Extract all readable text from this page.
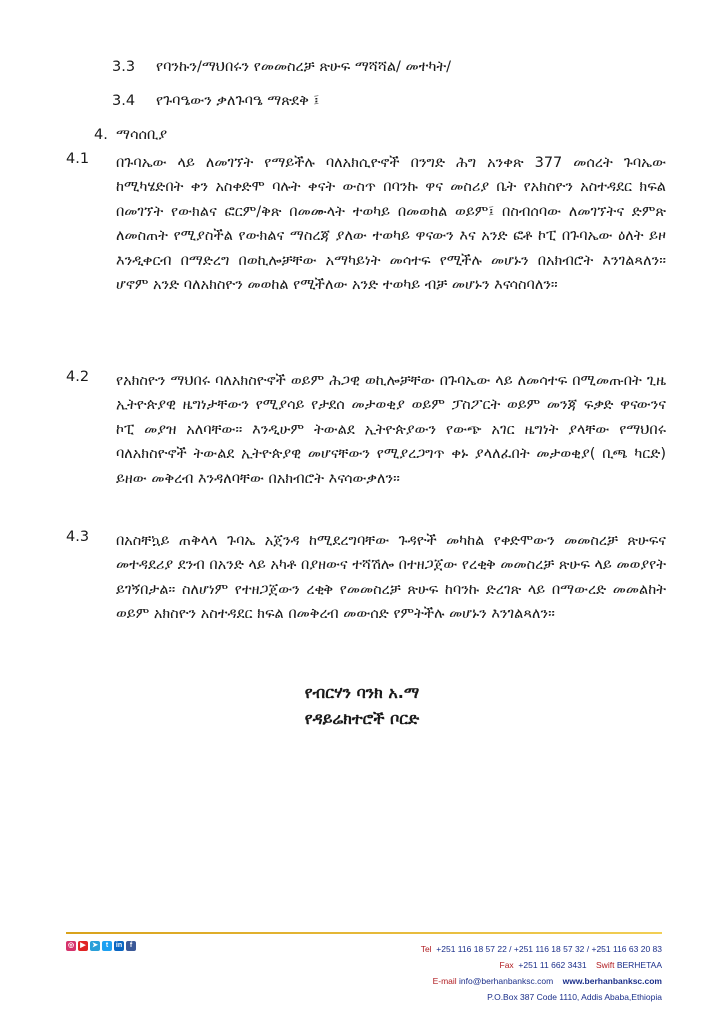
3.3 የባንኩን/ማህበሩን የመመስረቻ ጽሁፍ ማሻሻል/ መተካት/
3.4 የጉባዔውን ቃለጉባዔ ማጽደቅ ፤
4. ማሳሰቢያ
4.1 በጉባኤው ላይ ለመገኘት የማይችሉ ባለአክሲዮኖች በንግድ ሕግ አንቀጽ 377 መሰረት ጉባኤው ከሚካሄድበት ቀን አስቀድሞ ባሉት ቀናት ውስጥ በባንኩ ዋና መስሪያ ቤት የአክስዮን አስተዳደር ክፍል በመገኘት የውክልና ፎርም/ቅጽ በመሙላት ተወካይ በመወከል ወይም፤ በስብሰባው ለመገኘትና ድምጽ ለመስጠት የሚያስችል የውክልና ማስረጃ ያለው ተወካይ ዋናውን እና አንድ ፎቶ ኮፒ በጉባኤው ዕለት ይዞ እንዲቀርብ በማድረግ በወኪሎቻቸው አማካይነት መሳተፍ የሚችሉ መሆኑን በአክብሮት እንገልጻለን። ሆኖም አንድ ባለአክስዮን መወከል የሚችለው አንድ ተወካይ ብቻ መሆኑን እናሳስባለን።
4.2 የአክስዮን ማህበሩ ባለአክስዮኖች ወይም ሕጋዊ ወኪሎቻቸው በጉባኤው ላይ ለመሳተፍ በሚመጡበት ጊዜ ኢትዮጵያዊ ዜግነታቸውን የሚያሳይ የታደሰ መታወቂያ ወይም ፓስፖርት ወይም መንጃ ፍቃድ ዋናውንና ኮፒ መያዝ አለባቸው። እንዲሁም ትውልደ ኢትዮጵያውን የውጭ አገር ዜግነት ያላቸው የማህበሩ ባለአክስዮኖች ትውልደ ኢትዮጵያዊ መሆናቸውን የሚያረጋግጥ ቀኑ ያላለፈበት መታወቂያ( ቢጫ ካርድ) ይዘው መቅረብ እንዳለባቸው በአክብሮት እናሳውቃለን።
4.3 በአስቸኳይ ጠቅላላ ጉባኤ አጀንዳ ከሚደረግባቸው ጉዳዮች መካከል የቀድሞውን መመስረቻ ጽሁፍና መተዳደሪያ ደንብ በአንድ ላይ አካቶ በያዘውና ተሻሽሎ በተዘጋጀው የረቂቅ መመስረቻ ጽሁፍ ላይ መወያየት ይገኝበታል። ስለሆነም የተዘጋጀውን ረቂቅ የመመስረቻ ጽሁፍ ከባንኩ ድረገጽ ላይ በማውረድ መመልከት ወይም አክስዮን አስተዳደር ክፍል በመቅረብ መውሰድ የምትችሉ መሆኑን እንገልጻለን።
የብርሃን ባንክ አ.ማ
የዳይሬክተሮች ቦርድ
◎ ▶ ➤	t	in	f	Tel +251 116 18 57 22 / +251 116 18 57 32 / +251 116 63 20 83
Fax +251 11 662 3431 Swift BERHETAA
E-mail info@berhanbanksc.com www.berhanbanksc.com
P.O.Box 387 Code 1110, Addis Ababa,Ethiopia
